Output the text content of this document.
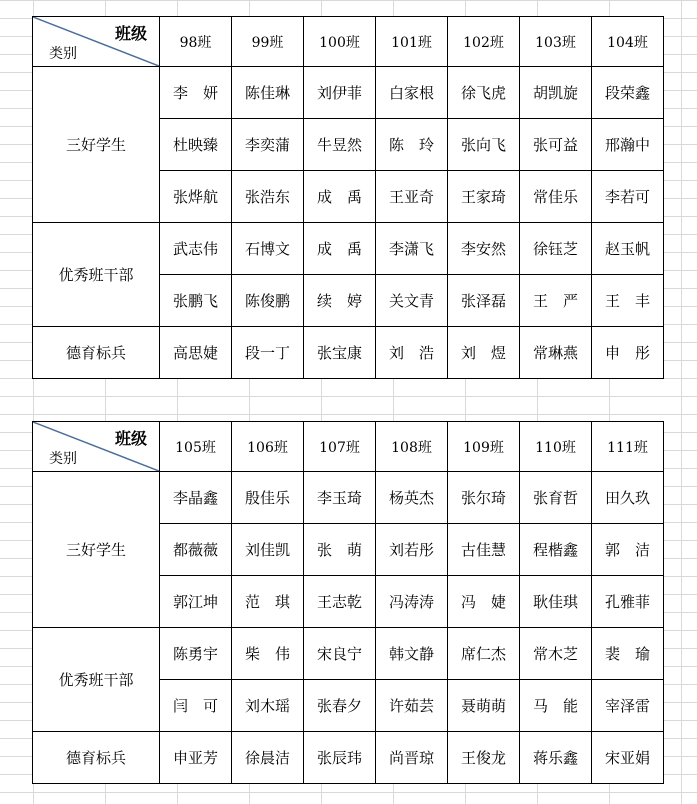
班级
类别	98班	99班	100班	101班	102班	103班	104班
三好学生	李　妍	陈佳琳	刘伊菲	白家根	徐飞虎	胡凯旋	段荣鑫
	杜映臻	李奕蒲	牛昱然	陈　玲	张向飞	张可益	邢瀚中
	张烨航	张浩东	成　禹	王亚奇	王家琦	常佳乐	李若可
优秀班干部	武志伟	石博文	成　禹	李潇飞	李安然	徐钰芝	赵玉帆
	张鹏飞	陈俊鹏	续　婷	关文青	张泽磊	王　严	王　丰
德育标兵	高思婕	段一丁	张宝康	刘　浩	刘　煜	常琳燕	申　彤
班级
类别	105班	106班	107班	108班	109班	110班	111班
三好学生	李晶鑫	殷佳乐	李玉琦	杨英杰	张尔琦	张育哲	田久玖
	都薇薇	刘佳凯	张　萌	刘若彤	古佳慧	程楷鑫	郭　洁
	郭江坤	范　琪	王志乾	冯涛涛	冯　婕	耿佳琪	孔雅菲
优秀班干部	陈勇宇	柴　伟	宋良宁	韩文静	席仁杰	常木芝	裴　瑜
	闫　可	刘木瑶	张春夕	许茹芸	聂萌萌	马　能	宰泽雷
德育标兵	申亚芳	徐晨洁	张辰玮	尚晋琼	王俊龙	蒋乐鑫	宋亚娟
